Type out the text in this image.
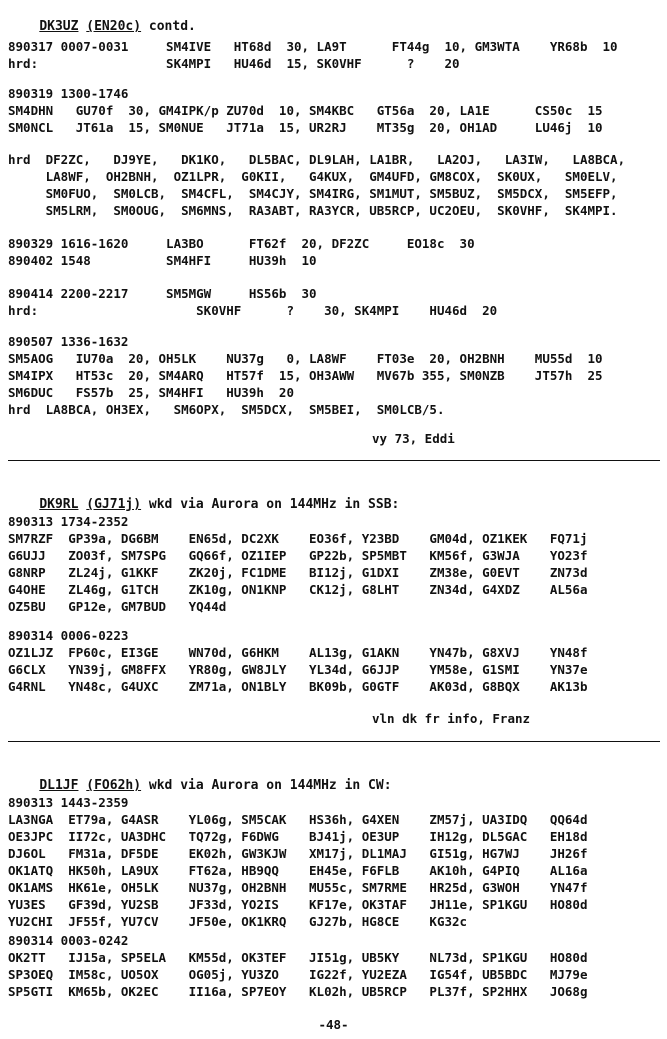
DK3UZ (EN20c) contd.

890317 0007-0031     SM4IVE   HT68d  30, LA9T      FT44g  10, GM3WTA    YR68b  10
hrd:                 SK4MPI   HU46d  15, SK0VHF      ?    20
890319 1300-1746
SM4DHN   GU70f  30, GM4IPK/p ZU70d  10, SM4KBC   GT56a  20, LA1E      CS50c  15
SM0NCL   JT61a  15, SM0NUE   JT71a  15, UR2RJ    MT35g  20, OH1AD     LU46j  10
hrd  DF2ZC,   DJ9YE,   DK1KO,   DL5BAC, DL9LAH, LA1BR,   LA2OJ,   LA3IW,   LA8BCA,
LA8WF,  OH2BNH,  OZ1LPR,  G0KII,   G4KUX,  GM4UFD, GM8COX,  SK0UX,   SM0ELV,
SM0FUO,  SM0LCB,  SM4CFL,  SM4CJY, SM4IRG, SM1MUT, SM5BUZ,  SM5DCX,  SM5EFP,
SM5LRM,  SM0OUG,  SM6MNS,  RA3ABT, RA3YCR, UB5RCP, UC2OEU,  SK0VHF,  SK4MPI.
890329 1616-1620     LA3BO      FT62f  20, DF2ZC     EO18c  30
890402 1548          SM4HFI     HU39h  10
890414 2200-2217     SM5MGW     HS56b  30
hrd:                     SK0VHF      ?    30, SK4MPI    HU46d  20
890507 1336-1632
SM5AOG   IU70a  20, OH5LK    NU37g   0, LA8WF    FT03e  20, OH2BNH    MU55d  10
SM4IPX   HT53c  20, SM4ARQ   HT57f  15, OH3AWW   MV67b 355, SM0NZB    JT57h  25
SM6DUC   FS57b  25, SM4HFI   HU39h  20
hrd  LA8BCA, OH3EX,   SM6OPX,  SM5DCX,  SM5BEI,  SM0LCB/5.
vy 73, Eddi

DK9RL (GJ71j) wkd via Aurora on 144MHz in SSB:

890313 1734-2352
SM7RZF  GP39a, DG6BM    EN65d, DC2XK    EO36f, Y23BD    GM04d, OZ1KEK   FQ71j
G6UJJ   ZO03f, SM7SPG   GQ66f, OZ1IEP   GP22b, SP5MBT   KM56f, G3WJA    YO23f
G8NRP   ZL24j, G1KKF    ZK20j, FC1DME   BI12j, G1DXI    ZM38e, G0EVT    ZN73d
G4OHE   ZL46g, G1TCH    ZK10g, ON1KNP   CK12j, G8LHT    ZN34d, G4XDZ    AL56a
OZ5BU   GP12e, GM7BUD   YQ44d
890314 0006-0223
OZ1LJZ  FP60c, EI3GE    WN70d, G6HKM    AL13g, G1AKN    YN47b, G8XVJ    YN48f
G6CLX   YN39j, GM8FFX   YR80g, GW8JLY   YL34d, G6JJP    YM58e, G1SMI    YN37e
G4RNL   YN48c, G4UXC    ZM71a, ON1BLY   BK09b, G0GTF    AK03d, G8BQX    AK13b
vln dk fr info, Franz

DL1JF (FO62h) wkd via Aurora on 144MHz in CW:

890313 1443-2359
LA3NGA  ET79a, G4ASR    YL06g, SM5CAK   HS36h, G4XEN    ZM57j, UA3IDQ   QQ64d
OE3JPC  II72c, UA3DHC   TQ72g, F6DWG    BJ41j, OE3UP    IH12g, DL5GAC   EH18d
DJ6OL   FM31a, DF5DE    EK02h, GW3KJW   XM17j, DL1MAJ   GI51g, HG7WJ    JH26f
OK1ATQ  HK50h, LA9UX    FT62a, HB9QQ    EH45e, F6FLB    AK10h, G4PIQ    AL16a
OK1AMS  HK61e, OH5LK    NU37g, OH2BNH   MU55c, SM7RME   HR25d, G3WOH    YN47f
YU3ES   GF39d, YU2SB    JF33d, YO2IS    KF17e, OK3TAF   JH11e, SP1KGU   HO80d
YU2CHI  JF55f, YU7CV    JF50e, OK1KRQ   GJ27b, HG8CE    KG32c
890314 0003-0242
OK2TT   IJ15a, SP5ELA   KM55d, OK3TEF   JI51g, UB5KY    NL73d, SP1KGU   HO80d
SP3OEQ  IM58c, UO5OX    OG05j, YU3ZO    IG22f, YU2EZA   IG54f, UB5BDC   MJ79e
SP5GTI  KM65b, OK2EC    II16a, SP7EOY   KL02h, UB5RCP   PL37f, SP2HHX   JO68g
-48-
